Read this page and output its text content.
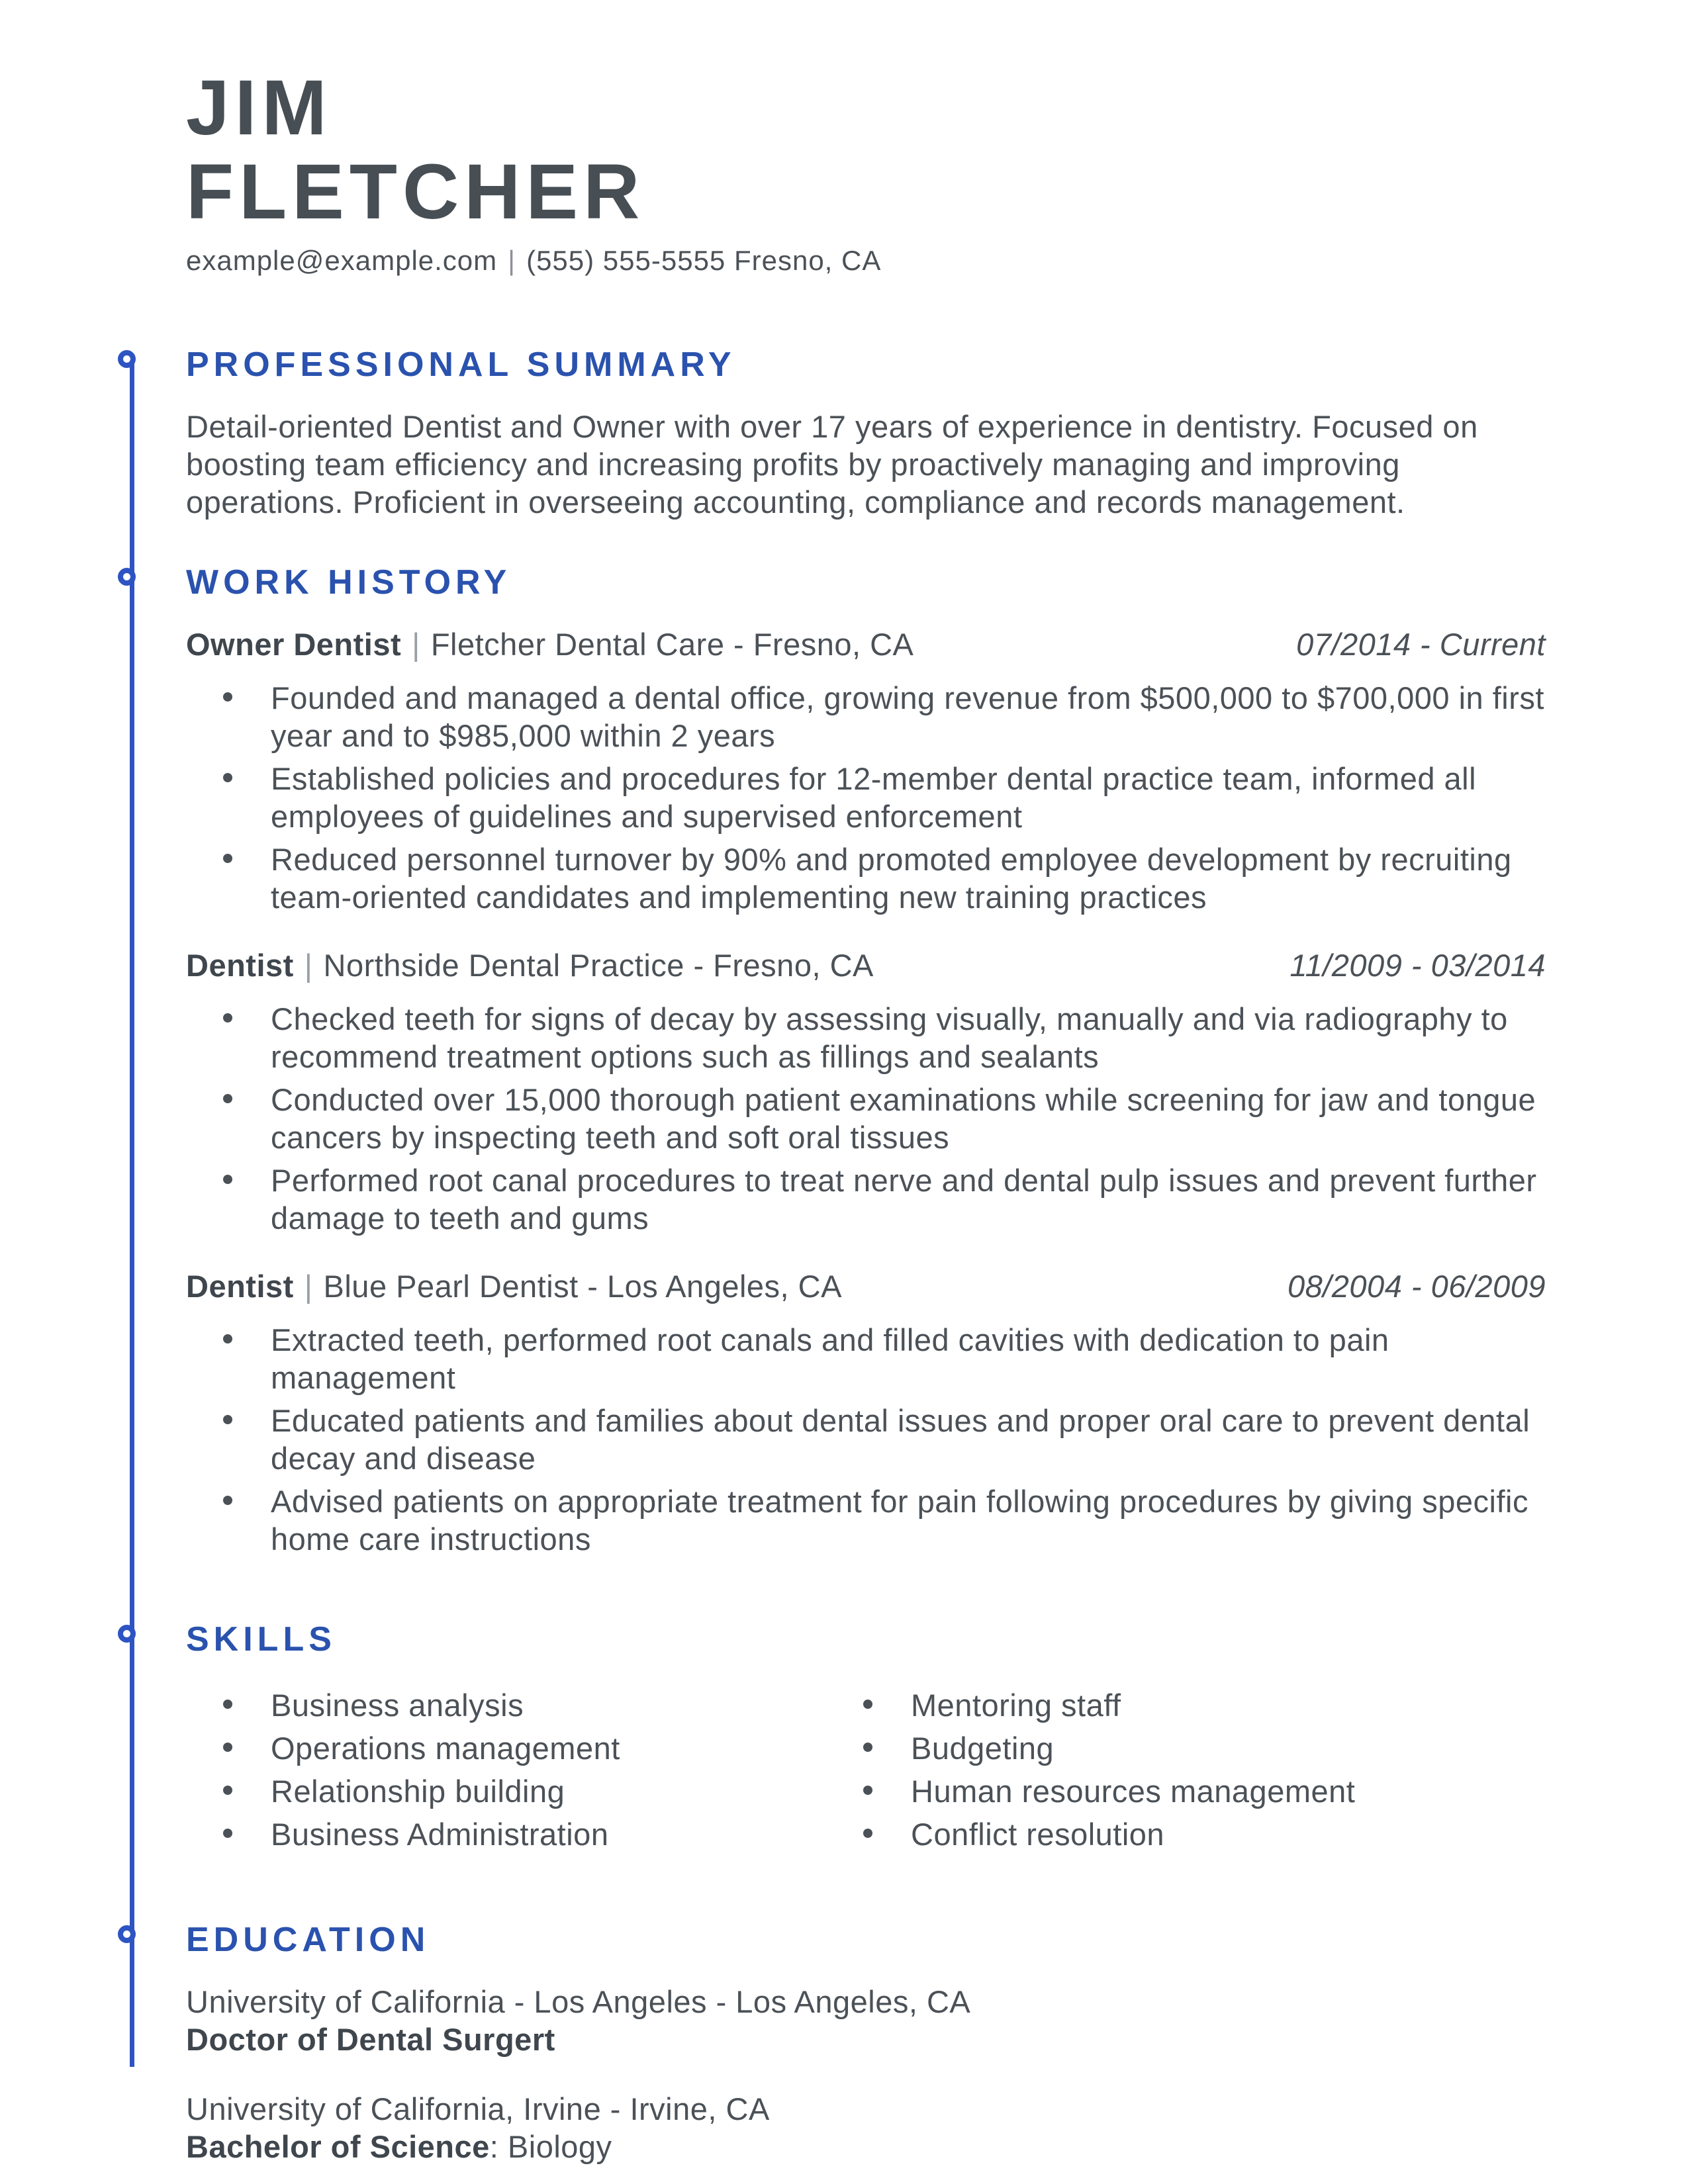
JIM
FLETCHER
example@example.com | (555) 555-5555 Fresno, CA
PROFESSIONAL SUMMARY

Detail-oriented Dentist and Owner with over 17 years of experience in dentistry. Focused on boosting team efficiency and increasing profits by proactively managing and improving operations. Proficient in overseeing accounting, compliance and records management.

WORK HISTORY
Owner Dentist | Fletcher Dental Care - Fresno, CA	07/2014 - Current
Founded and managed a dental office, growing revenue from $500,000 to $700,000 in first year and to $985,000 within 2 years
Established policies and procedures for 12-member dental practice team, informed all employees of guidelines and supervised enforcement
Reduced personnel turnover by 90% and promoted employee development by recruiting team-oriented candidates and implementing new training practices
Dentist | Northside Dental Practice - Fresno, CA	11/2009 - 03/2014
Checked teeth for signs of decay by assessing visually, manually and via radiography to recommend treatment options such as fillings and sealants
Conducted over 15,000 thorough patient examinations while screening for jaw and tongue cancers by inspecting teeth and soft oral tissues
Performed root canal procedures to treat nerve and dental pulp issues and prevent further damage to teeth and gums
Dentist | Blue Pearl Dentist - Los Angeles, CA	08/2004 - 06/2009
Extracted teeth, performed root canals and filled cavities with dedication to pain management
Educated patients and families about dental issues and proper oral care to prevent dental decay and disease
Advised patients on appropriate treatment for pain following procedures by giving specific home care instructions
SKILLS
Business analysis
Operations management
Relationship building
Business Administration
Mentoring staff
Budgeting
Human resources management
Conflict resolution
EDUCATION
University of California - Los Angeles - Los Angeles, CA
Doctor of Dental Surgert
University of California, Irvine - Irvine, CA
Bachelor of Science: Biology
